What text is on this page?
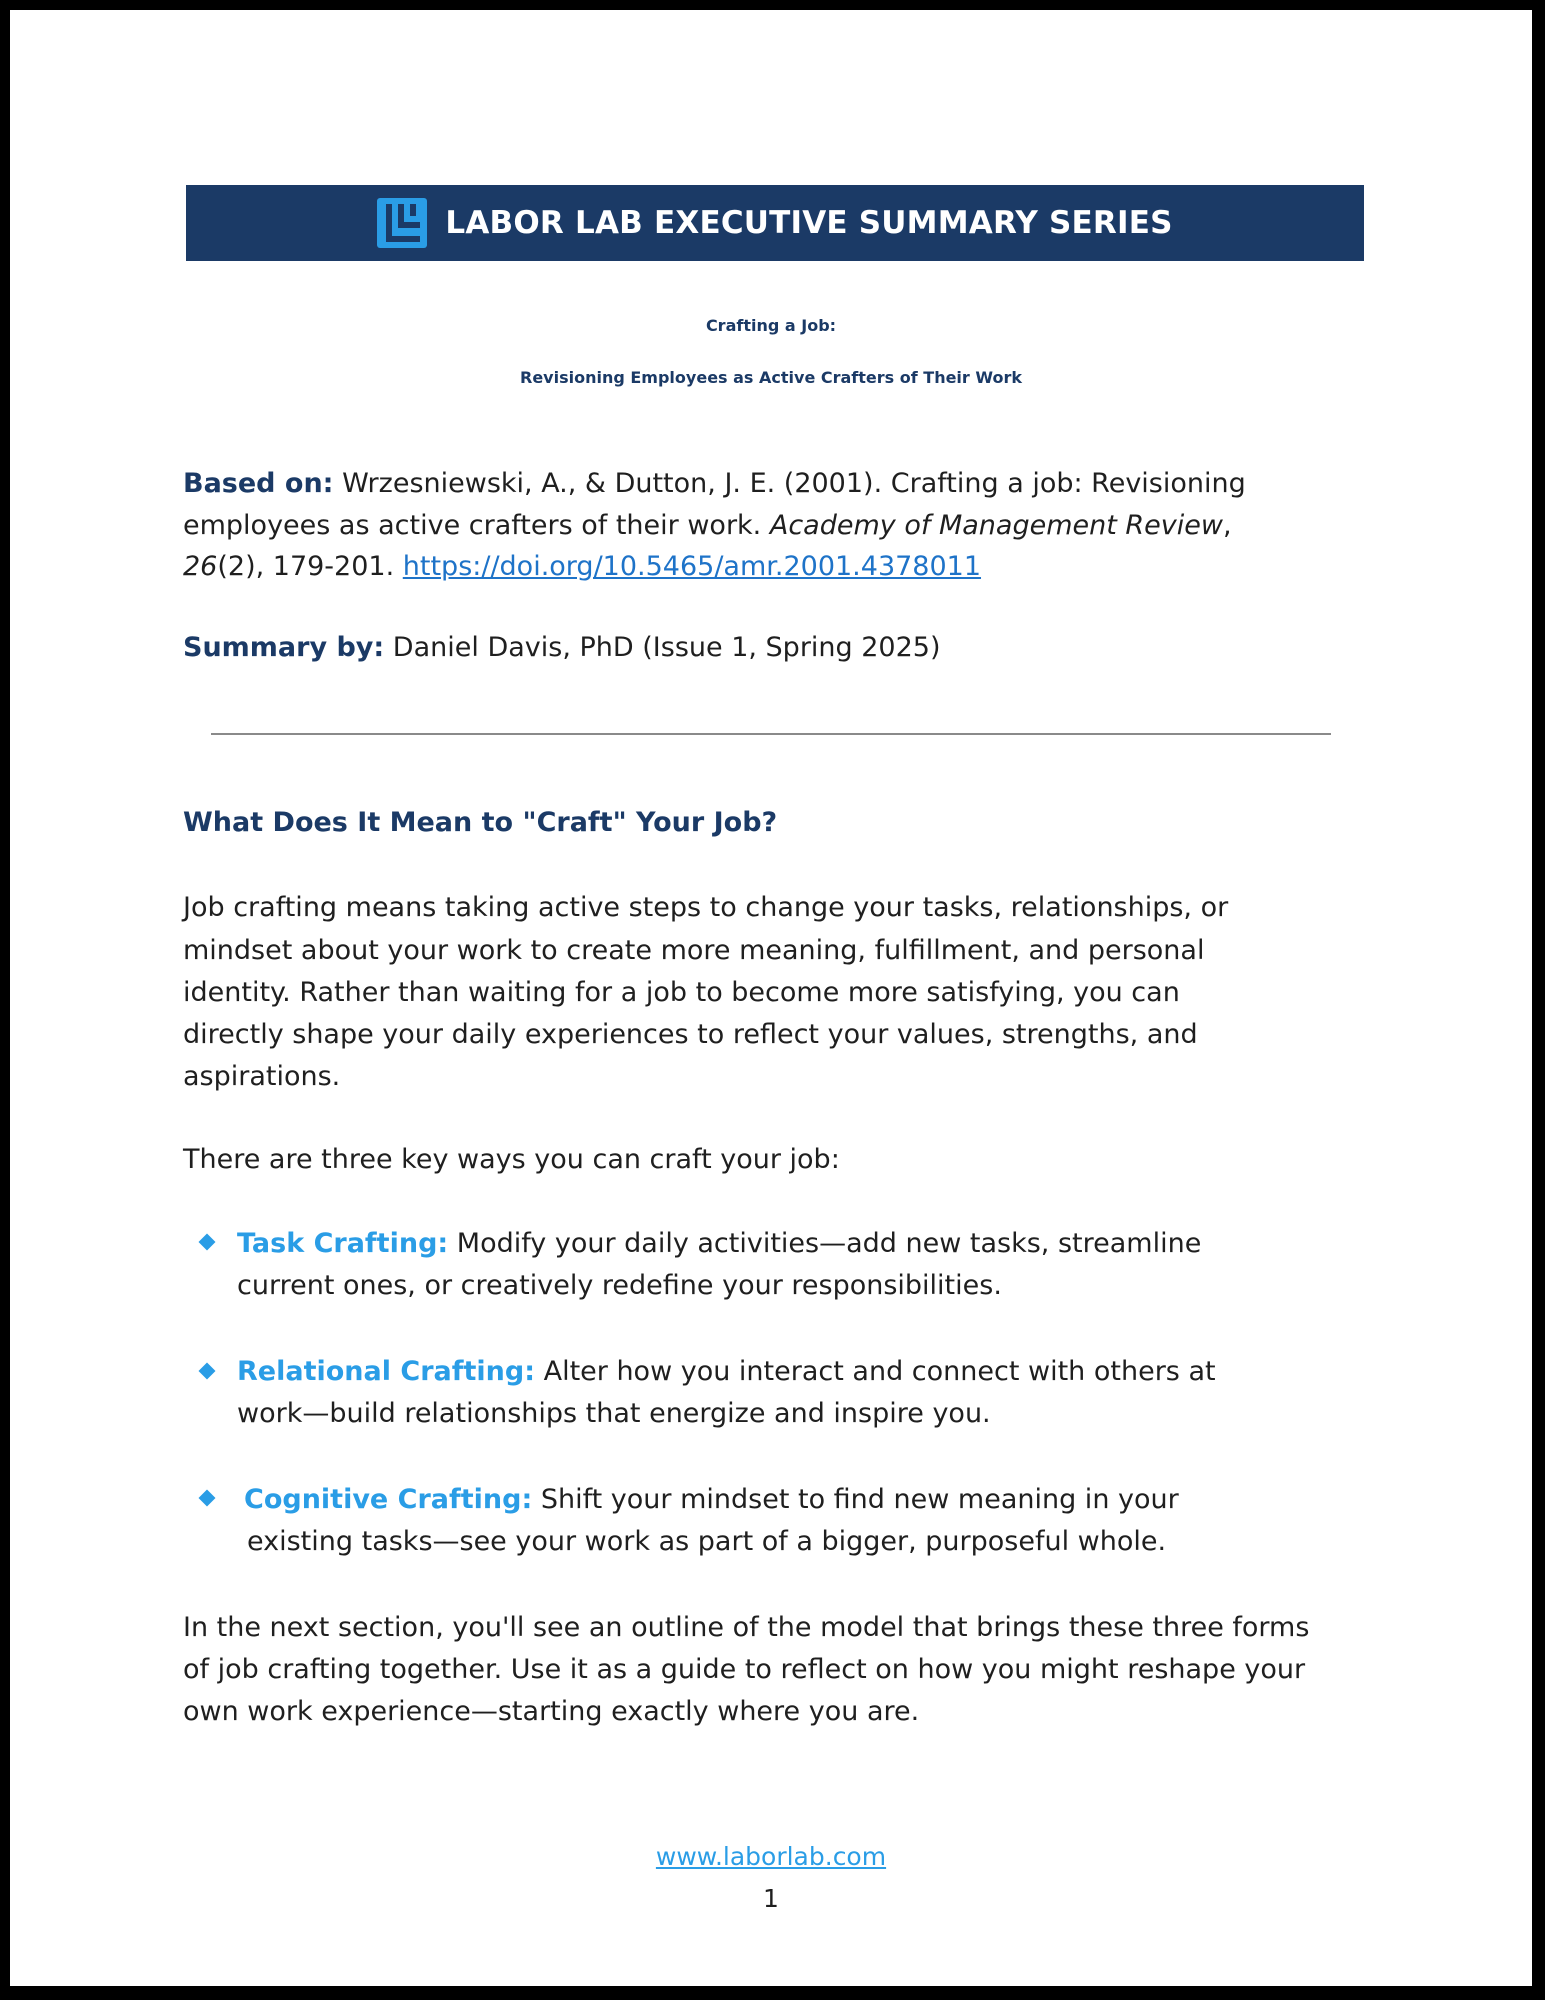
LABOR LAB EXECUTIVE SUMMARY SERIES
Crafting a Job:
Revisioning Employees as Active Crafters of Their Work
Based on: Wrzesniewski, A., & Dutton, J. E. (2001). Crafting a job: Revisioning
employees as active crafters of their work. Academy of Management Review,
26(2), 179-201. https://doi.org/10.5465/amr.2001.4378011
Summary by: Daniel Davis, PhD (Issue 1, Spring 2025)
What Does It Mean to "Craft" Your Job?
Job crafting means taking active steps to change your tasks, relationships, or
mindset about your work to create more meaning, fulfillment, and personal
identity. Rather than waiting for a job to become more satisfying, you can
directly shape your daily experiences to reflect your values, strengths, and
aspirations.
There are three key ways you can craft your job:
Task Crafting: Modify your daily activities—add new tasks, streamline
current ones, or creatively redefine your responsibilities.
Relational Crafting: Alter how you interact and connect with others at
work—build relationships that energize and inspire you.
Cognitive Crafting: Shift your mindset to find new meaning in your
existing tasks—see your work as part of a bigger, purposeful whole.
In the next section, you'll see an outline of the model that brings these three forms
of job crafting together. Use it as a guide to reflect on how you might reshape your
own work experience—starting exactly where you are.
www.laborlab.com
1
